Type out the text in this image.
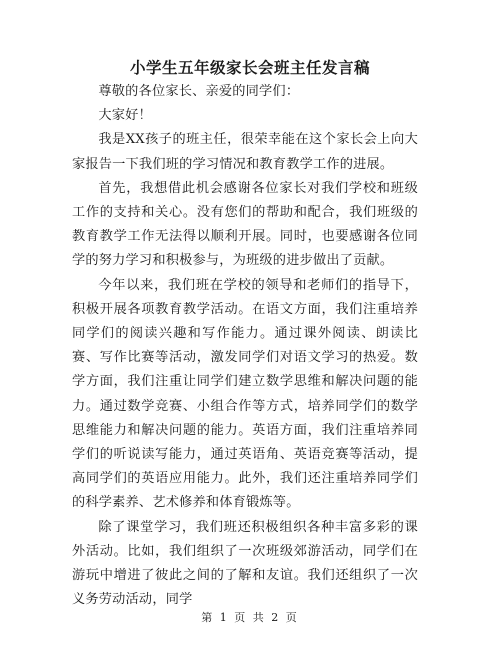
小学生五年级家长会班主任发言稿

尊敬的各位家长、亲爱的同学们：

大家好！

我是XX孩子的班主任，很荣幸能在这个家长会上向大家报告一下我们班的学习情况和教育教学工作的进展。

首先，我想借此机会感谢各位家长对我们学校和班级工作的支持和关心。没有您们的帮助和配合，我们班级的教育教学工作无法得以顺利开展。同时，也要感谢各位同学的努力学习和积极参与，为班级的进步做出了贡献。

今年以来，我们班在学校的领导和老师们的指导下，积极开展各项教育教学活动。在语文方面，我们注重培养同学们的阅读兴趣和写作能力。通过课外阅读、朗读比赛、写作比赛等活动，激发同学们对语文学习的热爱。数学方面，我们注重让同学们建立数学思维和解决问题的能力。通过数学竞赛、小组合作等方式，培养同学们的数学思维能力和解决问题的能力。英语方面，我们注重培养同学们的听说读写能力，通过英语角、英语竞赛等活动，提高同学们的英语应用能力。此外，我们还注重培养同学们的科学素养、艺术修养和体育锻炼等。

除了课堂学习，我们班还积极组织各种丰富多彩的课外活动。比如，我们组织了一次班级郊游活动，同学们在游玩中增进了彼此之间的了解和友谊。我们还组织了一次义务劳动活动，同学

第 1 页 共 2 页
